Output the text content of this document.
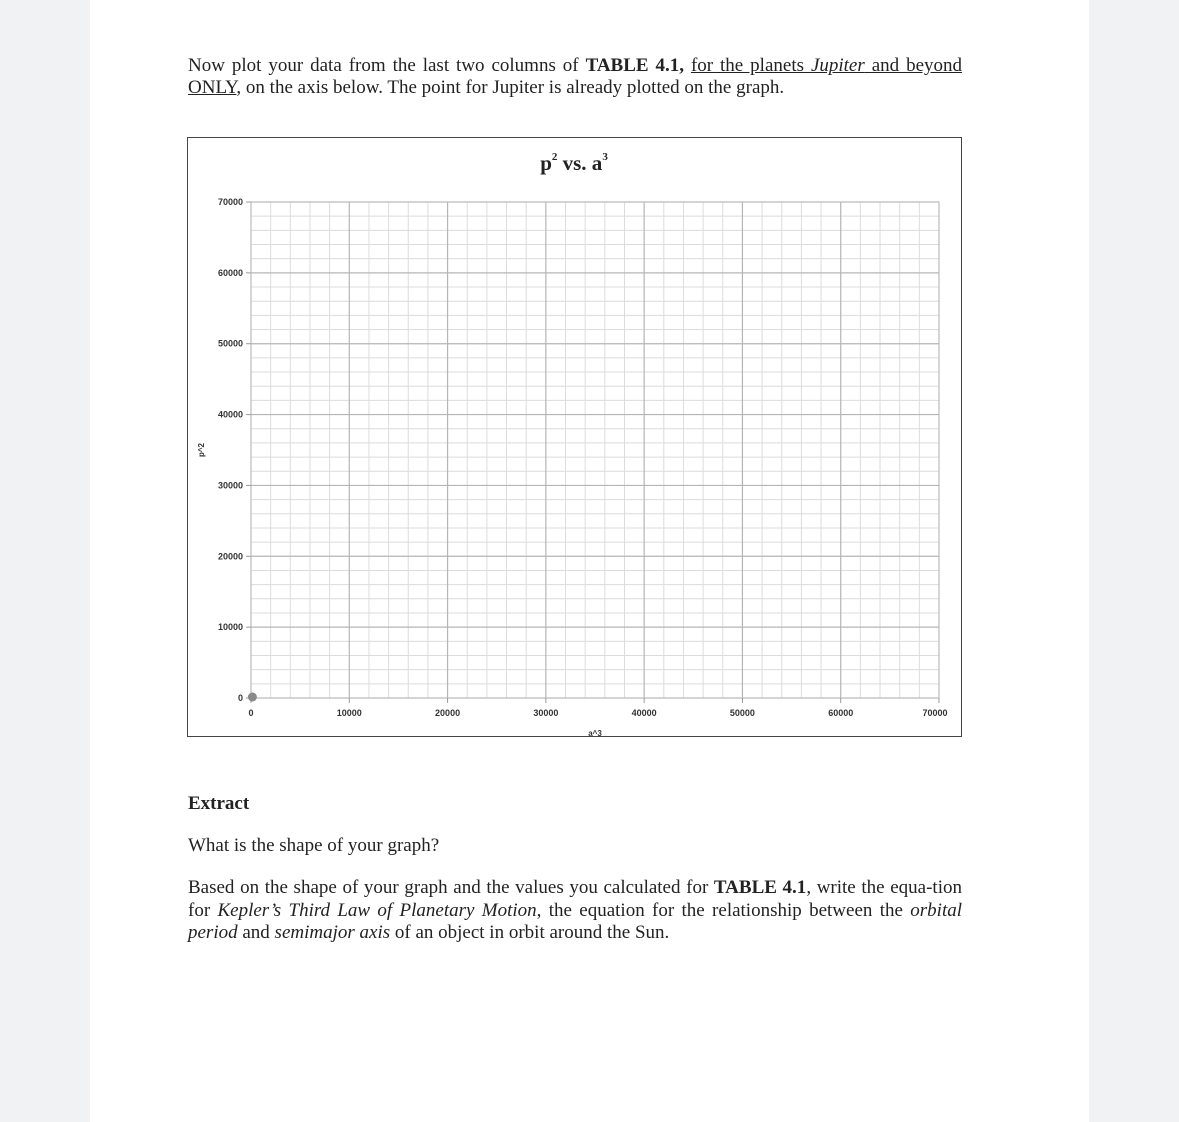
Now plot your data from the last two columns of TABLE 4.1, for the planets Jupiter and beyond ONLY, on the axis below. The point for Jupiter is already plotted on the graph.

0	10000	20000	30000	40000	50000	60000	70000
0
10000
20000
30000
40000
50000
60000
70000
$p^2$ vs. $a^3$
a^3
p^2

Extract

What is the shape of your graph?

Based on the shape of your graph and the values you calculated for TABLE 4.1, write the equa-tion for Kepler’s Third Law of Planetary Motion, the equation for the relationship between the orbital period and semimajor axis of an object in orbit around the Sun.
